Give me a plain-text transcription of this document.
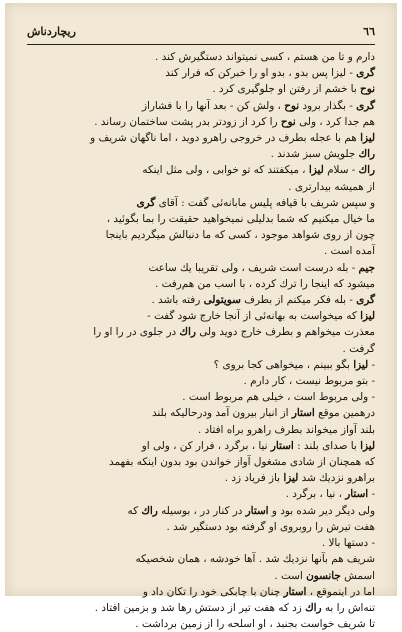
٦٦
ریچاردناش

دارم و تا من هستم ، کسی نمیتواند دستگیرش کند .

گری - لیزا پس بدو ، بدو او را خبرکن که فرار کند

نوح با خشم از رفتن او جلوگیری کرد .

گری - بگذار برود نوح ، ولش کن - بعد آنها را با فشاراز

هم جدا کرد ، ولی نوح را کرد از زودتر بدر پشت ساختمان رساند .

لیزا هم با عجله بطرف در خروجی راهرو دوید ، اما ناگهان شریف و

راك جلویش سبز شدند .

راك - سلام لیزا ، میکفتند که تو خوابی ، ولی مثل اینکه

از همیشه بیدارتری .

و سپس شریف با قیافه پلیس مابانه‌ئی گفت : آقای گری

ما خیال میکنیم که شما بدلیلی نمیخواهید حقیقت را بما بگوئید ،

چون از روی شواهد موجود ، کسی که ما دنبالش میگردیم باینجا

آمده است .

جیم - بله درست است شریف ، ولی تقریبا یك ساعت

میشود که اینجا را ترك کرده ، با اسب من هم‌رفت .

گری - بله فکر میکنم از بطرف سویتولی رفته باشد .

لیزا که میخواست به بهانه‌ئی از آنجا خارج شود گفت -

معذرت میخواهم و بطرف خارج دوید ولی راك در جلوی در را او را

گرفت .

- لیزا بگو ببینم ، میخواهی کجا بروی ؟

- بتو مربوط نیست ، کار دارم .

- ولی مربوط است ، خیلی هم مربوط است .

درهمین موقع استار از انبار بیرون آمد ودرحالیکه بلند

بلند آواز میخواند بطرف راهرو براه افتاد .

لیزا با صدای بلند : استار نیا ، برگرد ، فرار کن ، ولی او

که همچنان از شادی مشغول آواز خواندن بود بدون اینکه بفهمد

براهرو نزدیك شد لیزا باز فریاد زد .

- استار ، نیا ، برگرد .

ولی دیگر دیر شده بود و استار در کنار در ، بوسیله راك که

هفت تیرش را روبروی او گرفته بود دستگیر شد .

- دستها بالا .

شریف هم بآنها نزدیك شد . آها خودشه ، همان شخصیکه

اسمش جانسون است .

اما در اینموقع ، استار چنان با چابکی خود را تکان داد و

تنه‌اش را به راك زد که هفت تیر از دستش رها شد و بزمین افتاد .

تا شریف خواست بجنبد ، او اسلحه را از زمین برداشت .
